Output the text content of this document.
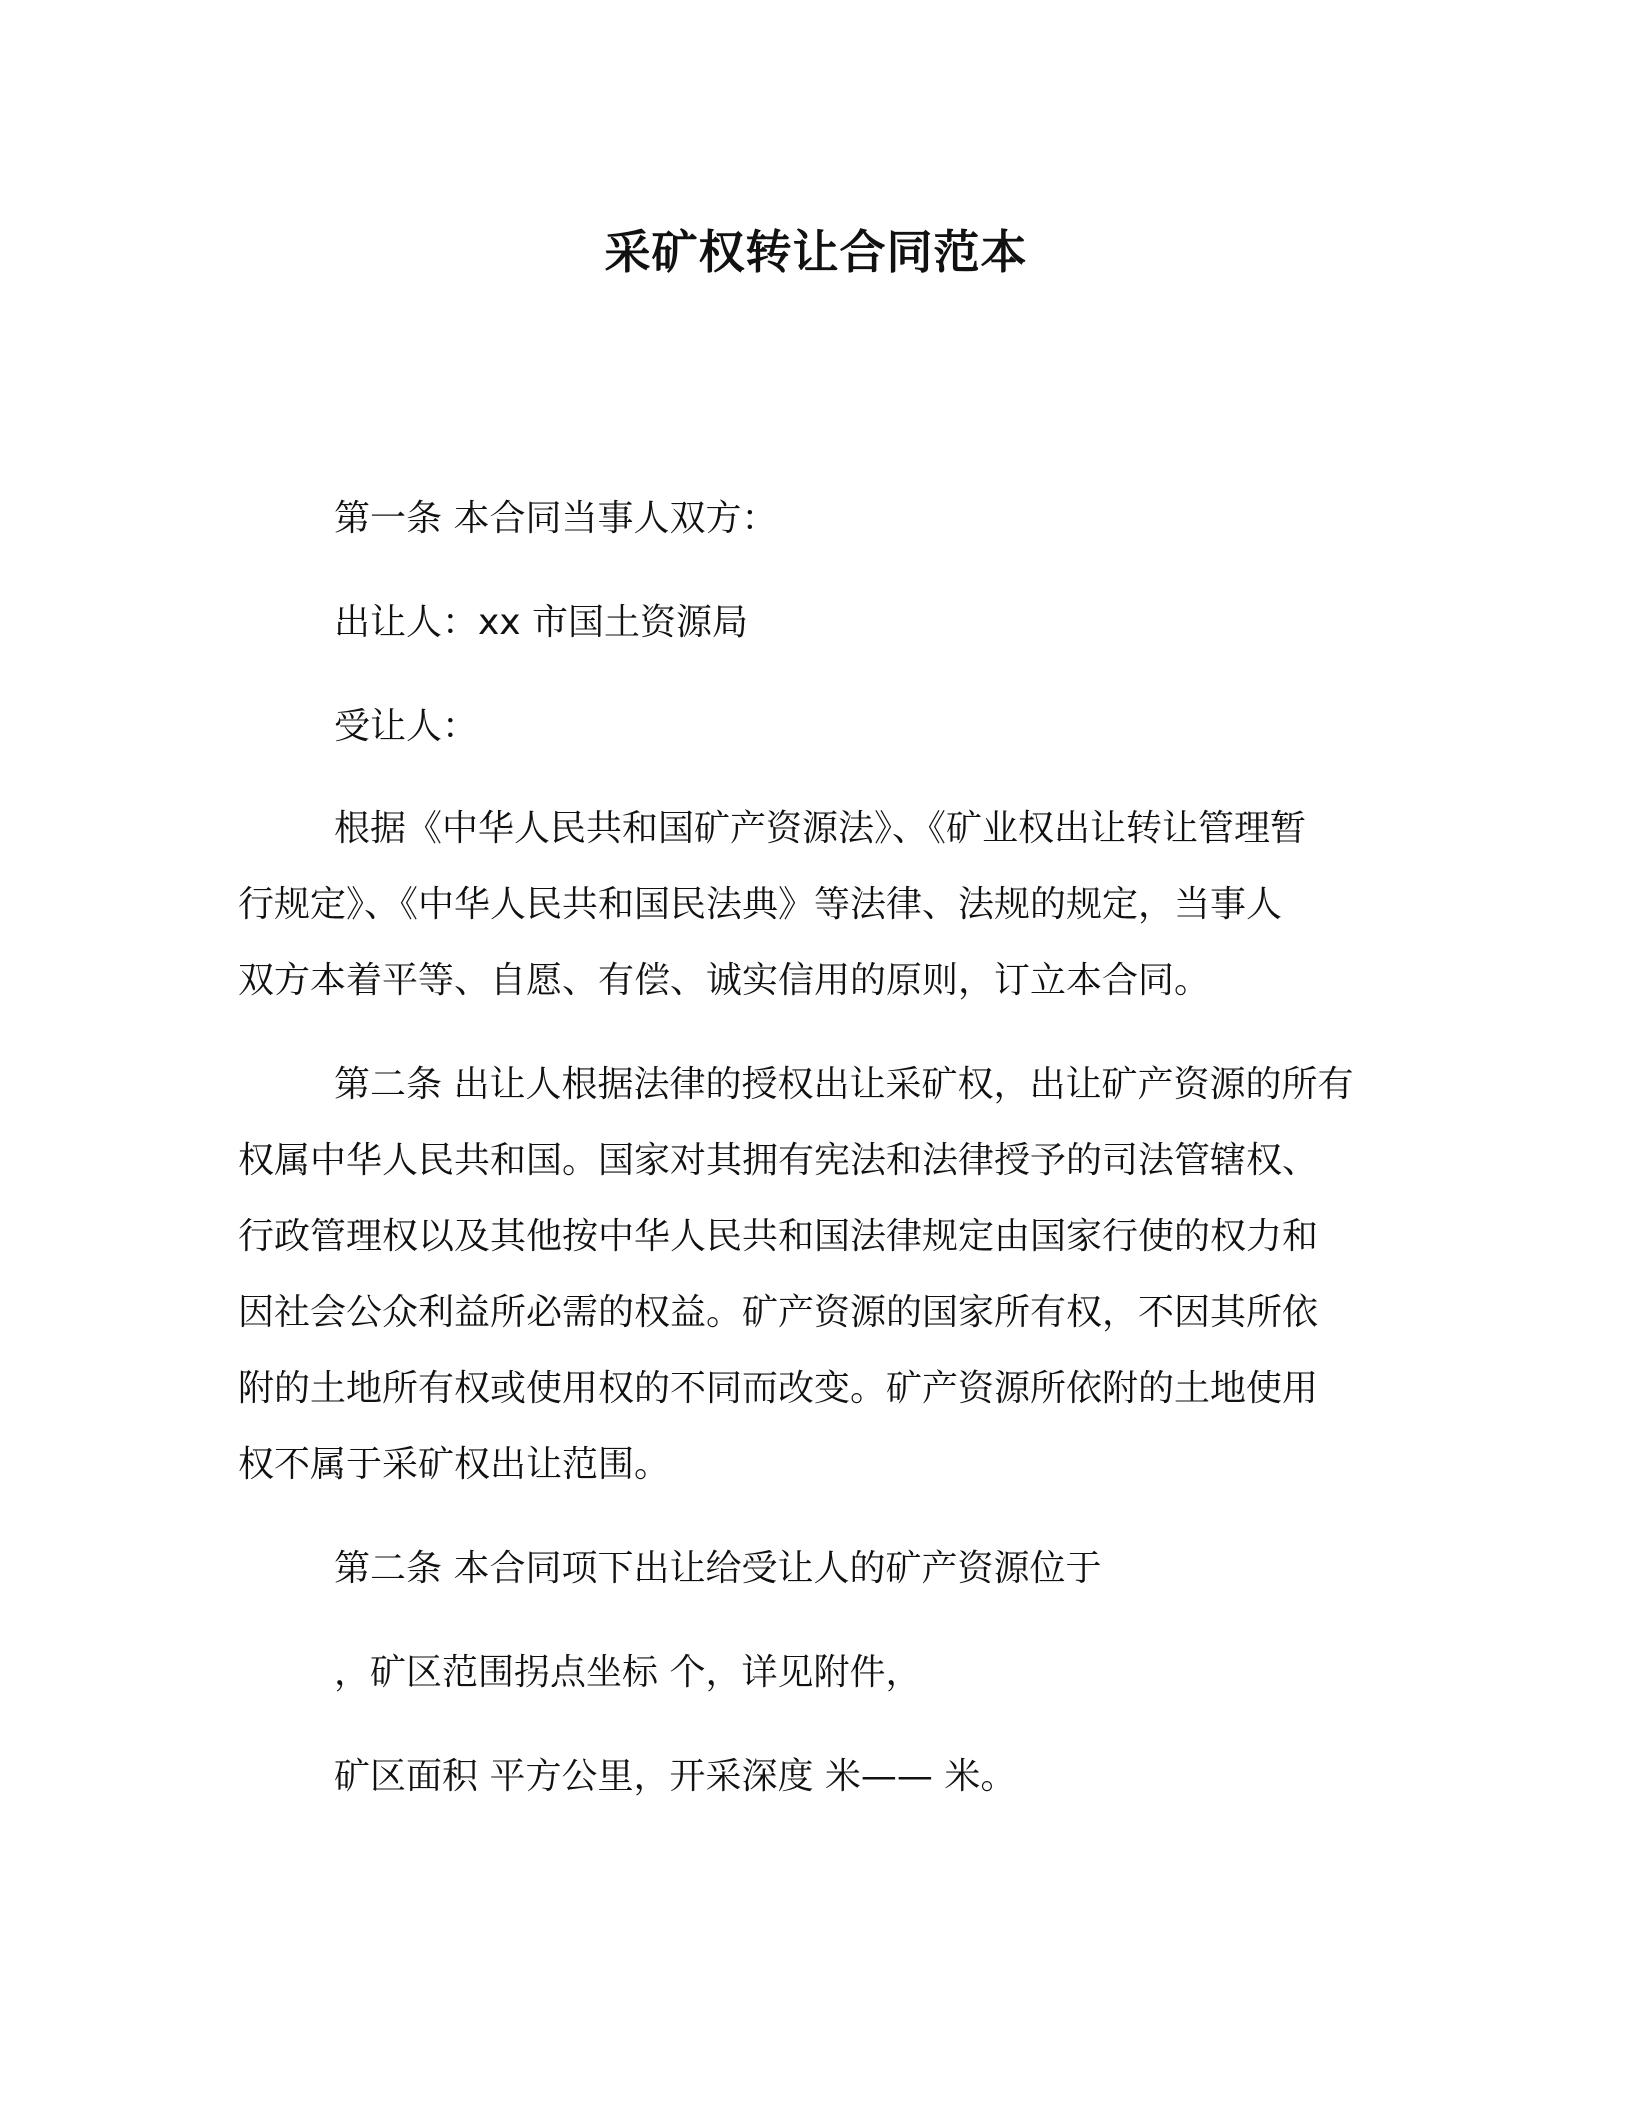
采矿权转让合同范本
第一条 本合同当事人双方：
出让人：xx 市国土资源局
受让人：
根据《中华人民共和国矿产资源法》、《矿业权出让转让管理暂
行规定》、《中华人民共和国民法典》等法律、法规的规定，当事人
双方本着平等、自愿、有偿、诚实信用的原则，订立本合同。
第二条 出让人根据法律的授权出让采矿权，出让矿产资源的所有
权属中华人民共和国。国家对其拥有宪法和法律授予的司法管辖权、
行政管理权以及其他按中华人民共和国法律规定由国家行使的权力和
因社会公众利益所必需的权益。矿产资源的国家所有权，不因其所依
附的土地所有权或使用权的不同而改变。矿产资源所依附的土地使用
权不属于采矿权出让范围。
第二条 本合同项下出让给受让人的矿产资源位于
，矿区范围拐点坐标 个，详见附件，
矿区面积 平方公里，开采深度 米—— 米。
